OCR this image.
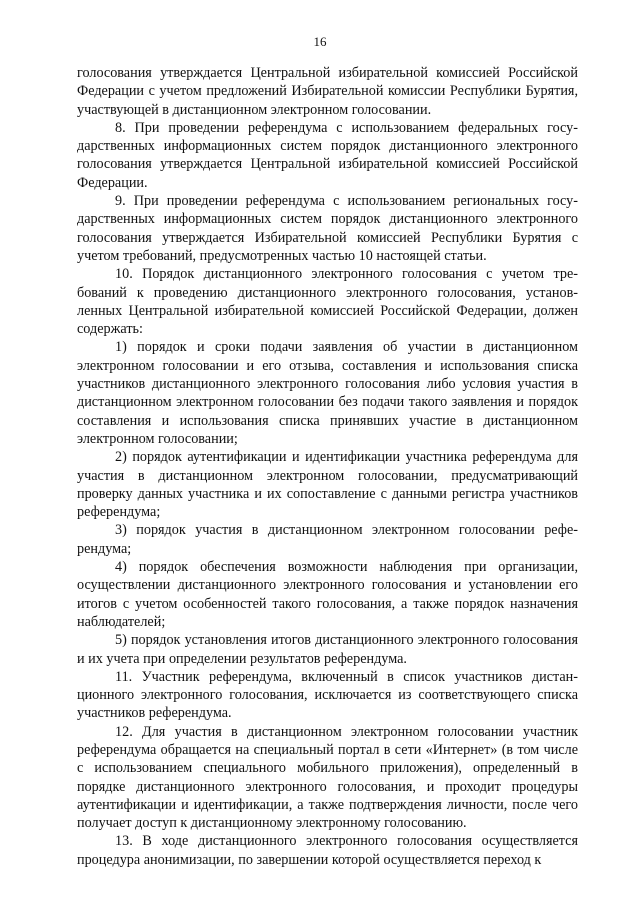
16

голосования утверждается Центральной избирательной комиссией Российской Федерации с учетом предложений Избирательной комиссии Республики Бурятия, участвующей в дистанционном электронном голосовании.

8. При проведении референдума с использованием федеральных государственных информационных систем порядок дистанционного электронного голосования утверждается Центральной избирательной комиссией Российской Федерации.

9. При проведении референдума с использованием региональных государственных информационных систем порядок дистанционного электронного голосования утверждается Избирательной комиссией Республики Бурятия с учетом требований, предусмотренных частью 10 настоящей статьи.

10. Порядок дистанционного электронного голосования с учетом требований к проведению дистанционного электронного голосования, установленных Центральной избирательной комиссией Российской Федерации, должен содержать:

1) порядок и сроки подачи заявления об участии в дистанционном электронном голосовании и его отзыва, составления и использования списка участников дистанционного электронного голосования либо условия участия в дистанционном электронном голосовании без подачи такого заявления и порядок составления и использования списка принявших участие в дистанционном электронном голосовании;

2) порядок аутентификации и идентификации участника референдума для участия в дистанционном электронном голосовании, предусматривающий проверку данных участника и их сопоставление с данными регистра участников референдума;

3) порядок участия в дистанционном электронном голосовании референдума;

4) порядок обеспечения возможности наблюдения при организации, осуществлении дистанционного электронного голосования и установлении его итогов с учетом особенностей такого голосования, а также порядок назначения наблюдателей;

5) порядок установления итогов дистанционного электронного голосования и их учета при определении результатов референдума.

11. Участник референдума, включенный в список участников дистанционного электронного голосования, исключается из соответствующего списка участников референдума.

12. Для участия в дистанционном электронном голосовании участник референдума обращается на специальный портал в сети «Интернет» (в том числе с использованием специального мобильного приложения), определенный в порядке дистанционного электронного голосования, и проходит процедуры аутентификации и идентификации, а также подтверждения личности, после чего получает доступ к дистанционному электронному голосованию.

13. В ходе дистанционного электронного голосования осуществляется процедура анонимизации, по завершении которой осуществляется переход к
